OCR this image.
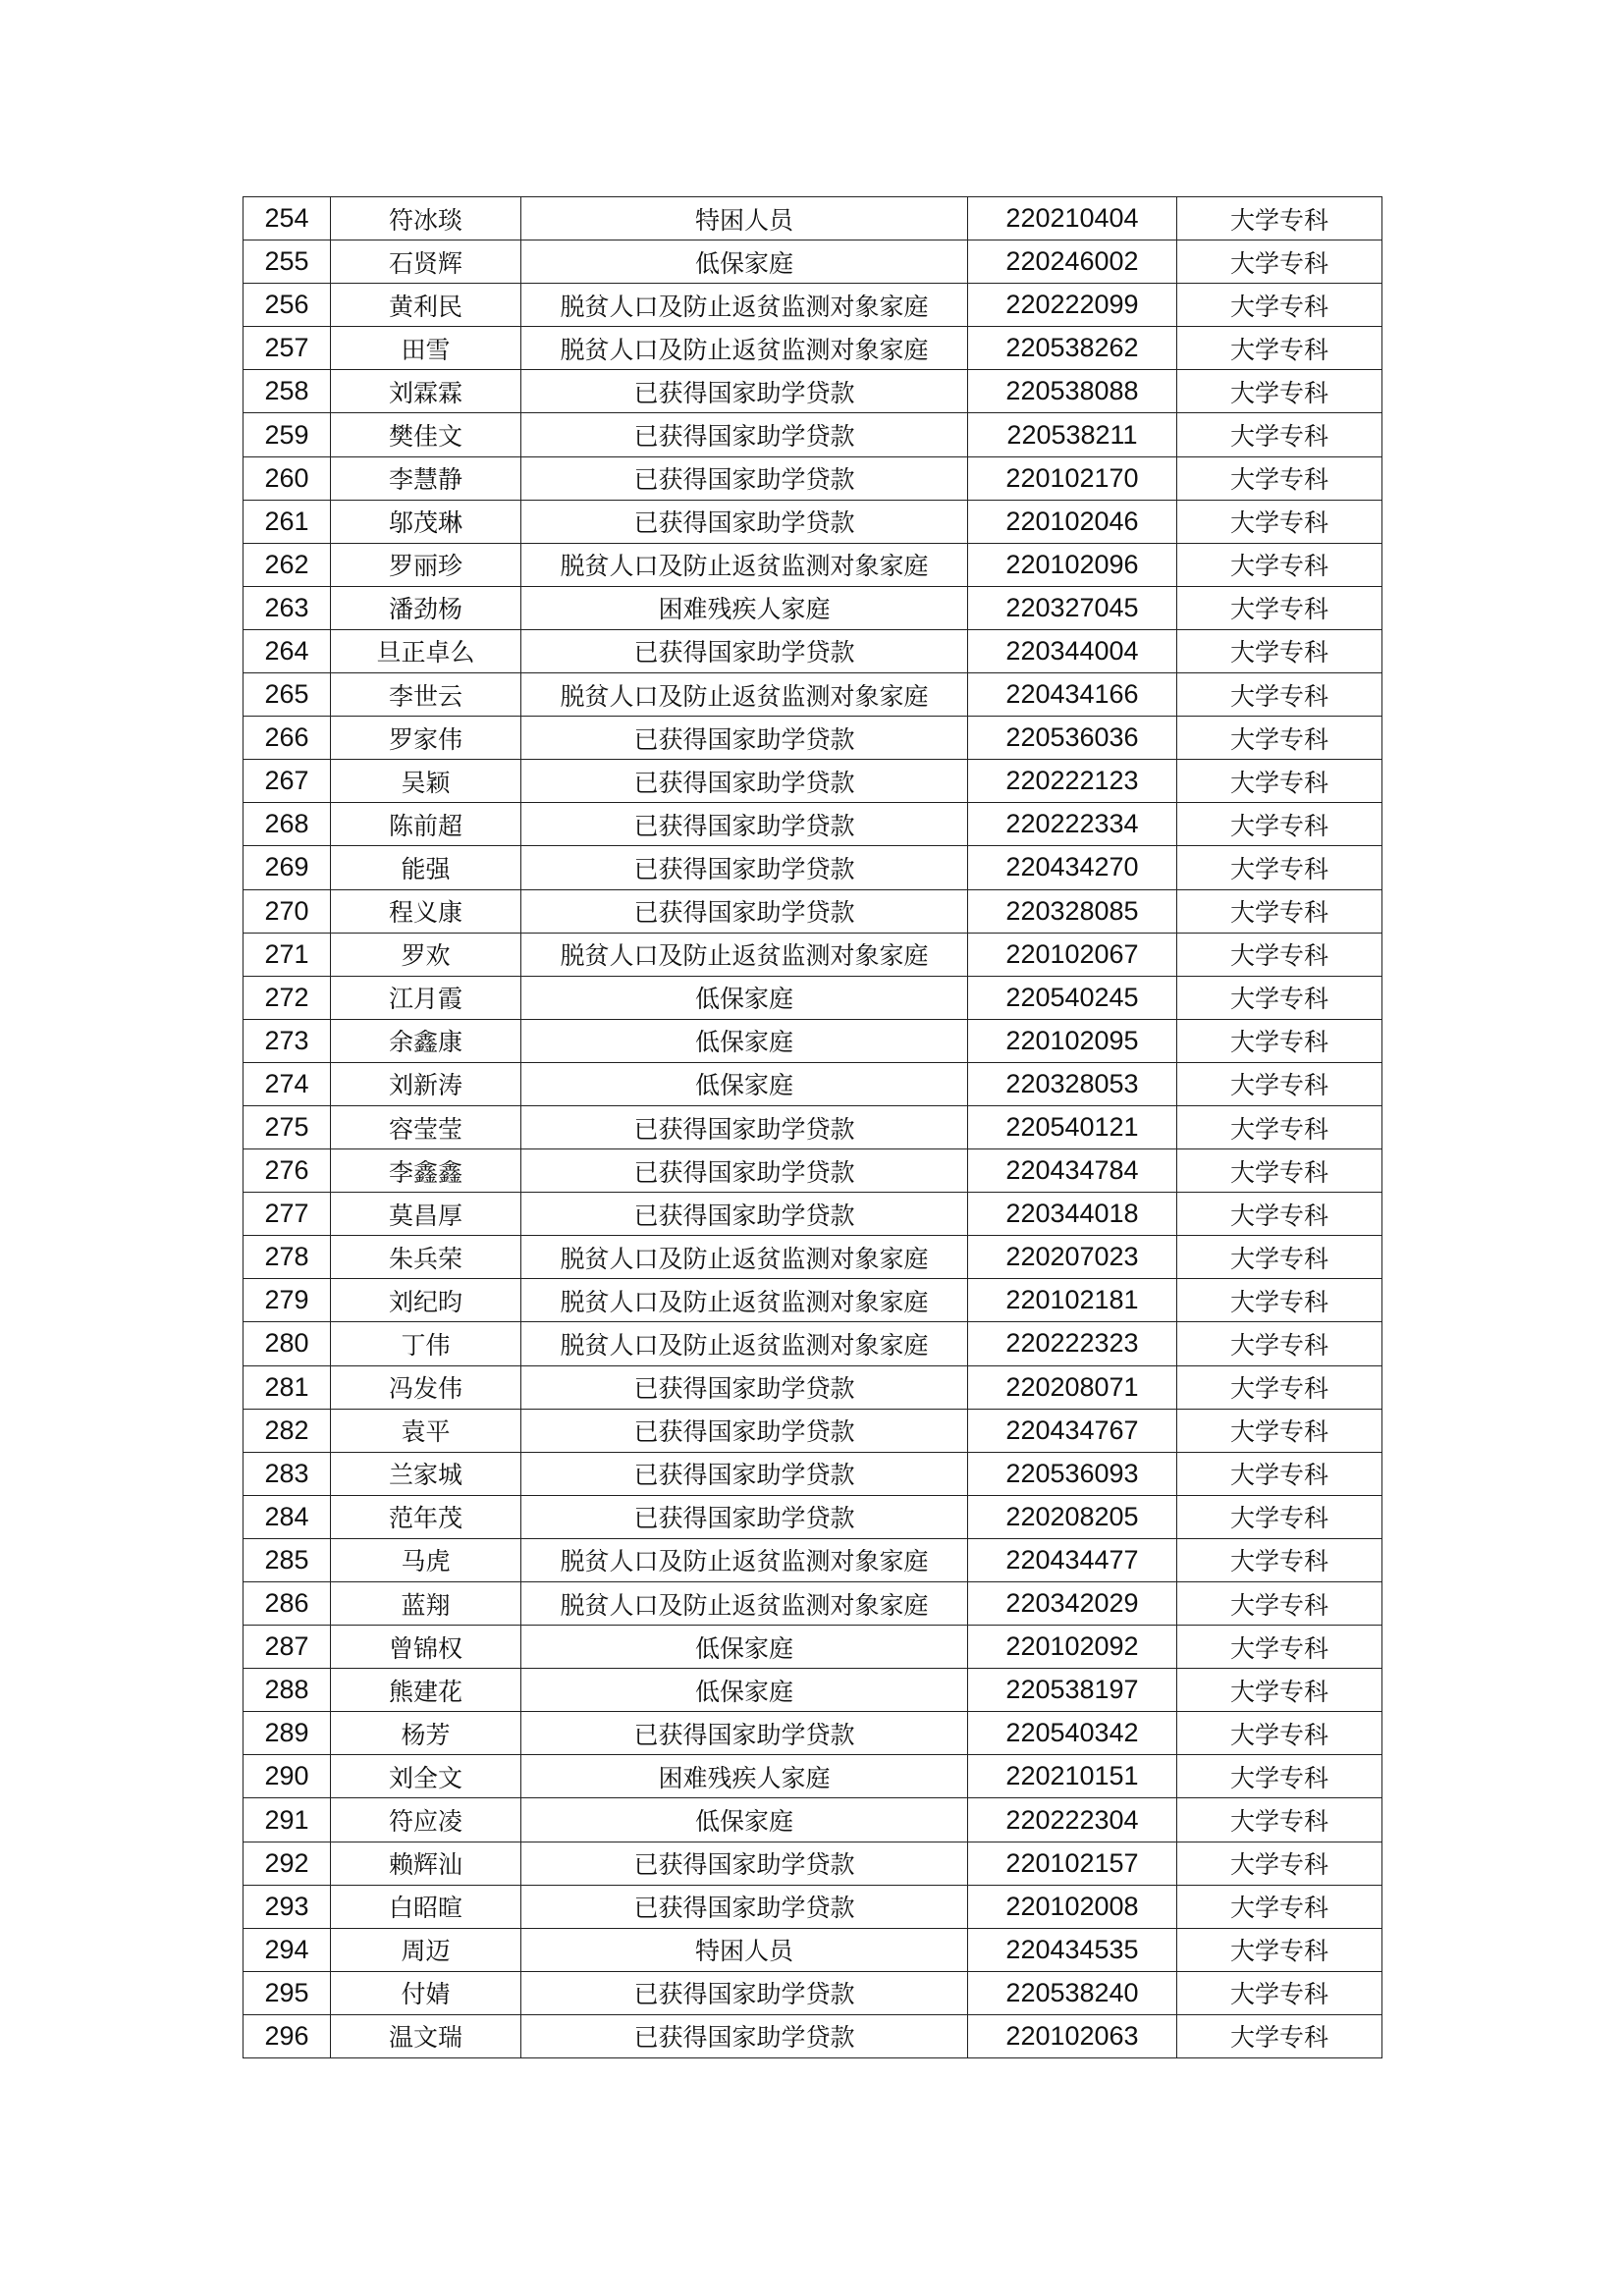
254	符冰琰	特困人员	220210404	大学专科
255	石贤辉	低保家庭	220246002	大学专科
256	黄利民	脱贫人口及防止返贫监测对象家庭	220222099	大学专科
257	田雪	脱贫人口及防止返贫监测对象家庭	220538262	大学专科
258	刘霖霖	已获得国家助学贷款	220538088	大学专科
259	樊佳文	已获得国家助学贷款	220538211	大学专科
260	李慧静	已获得国家助学贷款	220102170	大学专科
261	邬茂琳	已获得国家助学贷款	220102046	大学专科
262	罗丽珍	脱贫人口及防止返贫监测对象家庭	220102096	大学专科
263	潘劲杨	困难残疾人家庭	220327045	大学专科
264	旦正卓么	已获得国家助学贷款	220344004	大学专科
265	李世云	脱贫人口及防止返贫监测对象家庭	220434166	大学专科
266	罗家伟	已获得国家助学贷款	220536036	大学专科
267	吴颖	已获得国家助学贷款	220222123	大学专科
268	陈前超	已获得国家助学贷款	220222334	大学专科
269	能强	已获得国家助学贷款	220434270	大学专科
270	程义康	已获得国家助学贷款	220328085	大学专科
271	罗欢	脱贫人口及防止返贫监测对象家庭	220102067	大学专科
272	江月霞	低保家庭	220540245	大学专科
273	余鑫康	低保家庭	220102095	大学专科
274	刘新涛	低保家庭	220328053	大学专科
275	容莹莹	已获得国家助学贷款	220540121	大学专科
276	李鑫鑫	已获得国家助学贷款	220434784	大学专科
277	莫昌厚	已获得国家助学贷款	220344018	大学专科
278	朱兵荣	脱贫人口及防止返贫监测对象家庭	220207023	大学专科
279	刘纪昀	脱贫人口及防止返贫监测对象家庭	220102181	大学专科
280	丁伟	脱贫人口及防止返贫监测对象家庭	220222323	大学专科
281	冯发伟	已获得国家助学贷款	220208071	大学专科
282	袁平	已获得国家助学贷款	220434767	大学专科
283	兰家城	已获得国家助学贷款	220536093	大学专科
284	范年茂	已获得国家助学贷款	220208205	大学专科
285	马虎	脱贫人口及防止返贫监测对象家庭	220434477	大学专科
286	蓝翔	脱贫人口及防止返贫监测对象家庭	220342029	大学专科
287	曾锦权	低保家庭	220102092	大学专科
288	熊建花	低保家庭	220538197	大学专科
289	杨芳	已获得国家助学贷款	220540342	大学专科
290	刘全文	困难残疾人家庭	220210151	大学专科
291	符应凌	低保家庭	220222304	大学专科
292	赖辉汕	已获得国家助学贷款	220102157	大学专科
293	白昭暄	已获得国家助学贷款	220102008	大学专科
294	周迈	特困人员	220434535	大学专科
295	付婧	已获得国家助学贷款	220538240	大学专科
296	温文瑞	已获得国家助学贷款	220102063	大学专科
